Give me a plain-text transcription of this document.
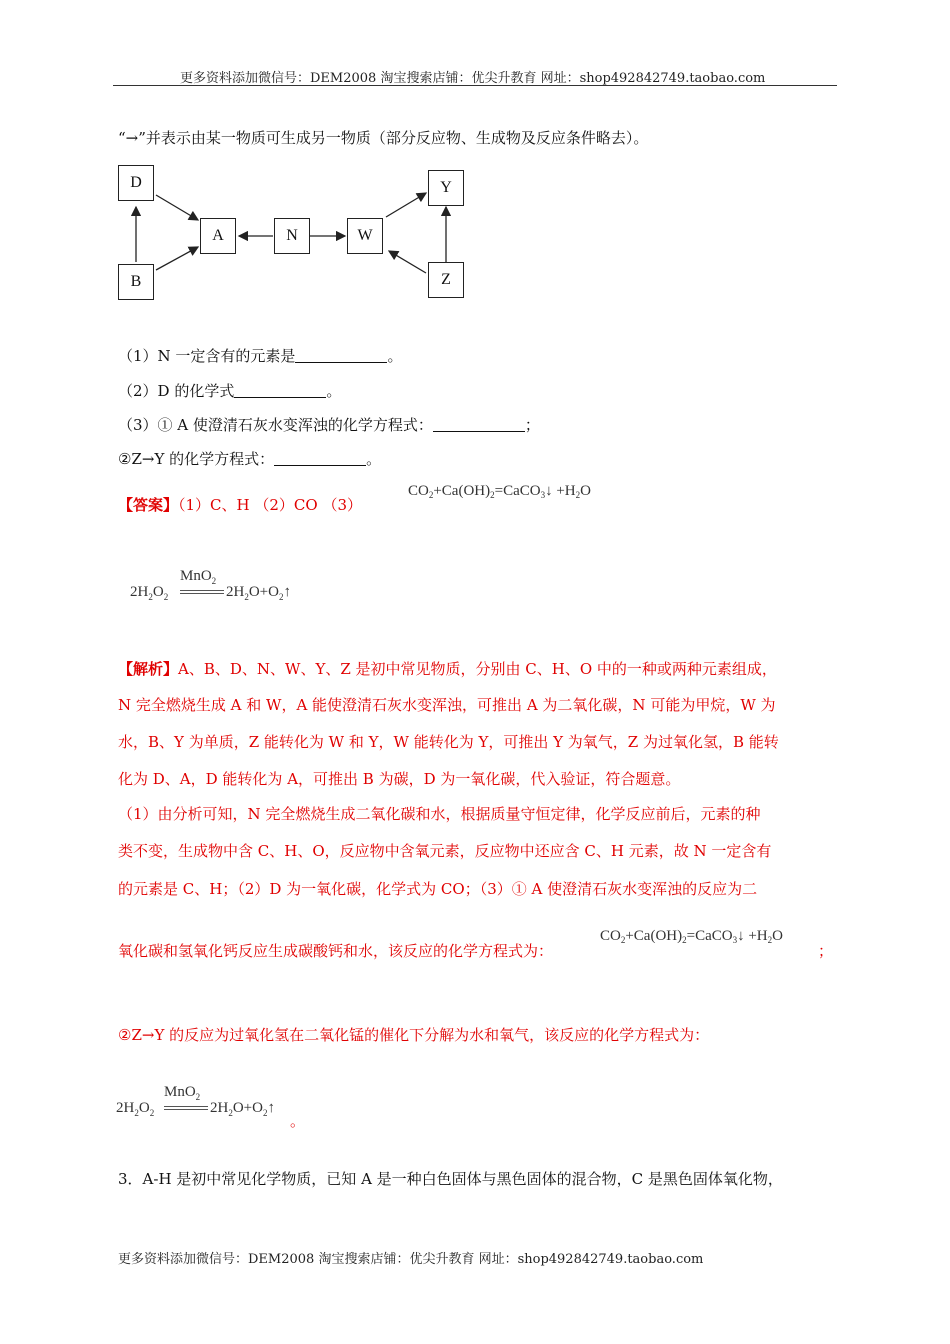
更多资料添加微信号：DEM2008 淘宝搜索店铺：优尖升教育 网址：shop492842749.taobao.com
“→”并表示由某一物质可生成另一物质（部分反应物、生成物及反应条件略去）。
D
A	N	W
Y
B	Z
（1）N 一定含有的元素是	。
（2）D 的化学式	。
（3）① A 使澄清石灰水变浑浊的化学方程式：	；
②Z→Y 的化学方程式：	。
【答案】（1）C、H （2）CO （3）
$CO_2+Ca(OH)_2=CaCO_3↓ +H_2O$
MnO$_2$
$2H_2O_2$	$2H_2O+O_2↑$
【解析】A、B、D、N、W、Y、Z 是初中常见物质，分别由 C、H、O 中的一种或两种元素组成，
N 完全燃烧生成 A 和 W，A 能使澄清石灰水变浑浊，可推出 A 为二氧化碳，N 可能为甲烷，W 为
水，B、Y 为单质，Z 能转化为 W 和 Y，W 能转化为 Y，可推出 Y 为氧气，Z 为过氧化氢，B 能转
化为 D、A，D 能转化为 A，可推出 B 为碳，D 为一氧化碳，代入验证，符合题意。
（1）由分析可知，N 完全燃烧生成二氧化碳和水，根据质量守恒定律，化学反应前后，元素的种
类不变，生成物中含 C、H、O，反应物中含氧元素，反应物中还应含 C、H 元素，故 N 一定含有
的元素是 C、H；（2）D 为一氧化碳，化学式为 CO；（3）① A 使澄清石灰水变浑浊的反应为二
氧化碳和氢氧化钙反应生成碳酸钙和水，该反应的化学方程式为：
$CO_2+Ca(OH)_2=CaCO_3↓ +H_2O$
；
②Z→Y 的反应为过氧化氢在二氧化锰的催化下分解为水和氧气，该反应的化学方程式为：
MnO$_2$
$2H_2O_2$	$2H_2O+O_2↑$
。
3．A-H 是初中常见化学物质，已知 A 是一种白色固体与黑色固体的混合物，C 是黑色固体氧化物，
更多资料添加微信号：DEM2008 淘宝搜索店铺：优尖升教育 网址：shop492842749.taobao.com
